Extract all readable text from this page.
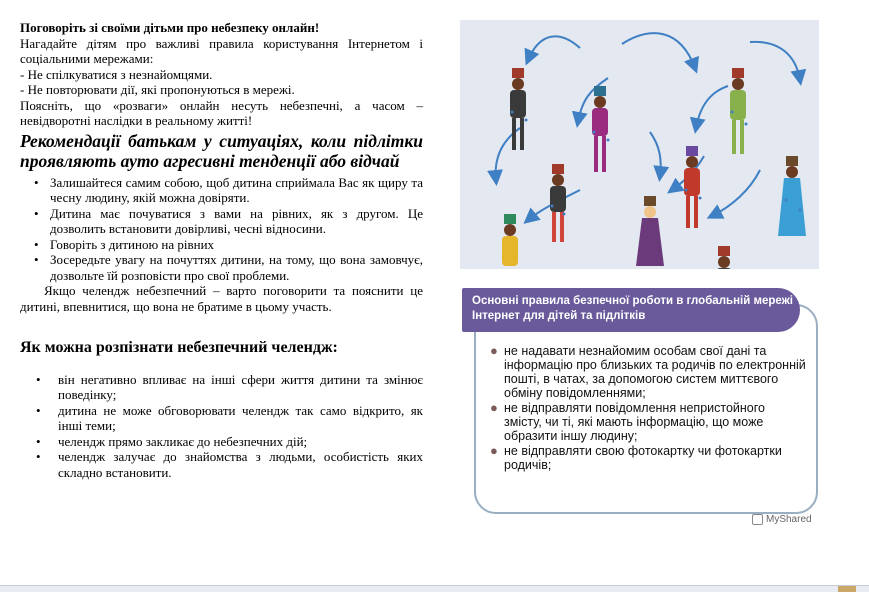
Поговоріть зі своїми дітьми про небезпеку онлайн!

Нагадайте дітям про важливі правила користування Інтернетом і соціальними мережами:

- Не спілкуватися з незнайомцями.

- Не повторювати дії, які пропонуються в мережі.

Поясніть, що «розваги» онлайн несуть небезпечні, а часом – невідворотні наслідки в реальному житті!

Рекомендації батькам у ситуаціях, коли підлітки проявляють ауто агресивні тенденції або відчай

• Залишайтеся самим собою, щоб дитина сприймала Вас як щиру та чесну людину, якій можна довіряти.
• Дитина має почуватися з вами на рівних, як з другом. Це дозволить встановити довірливі, чесні відносини.
• Говоріть з дитиною на рівних
• Зосередьте увагу на почуттях дитини, на тому, що вона замовчує, дозвольте їй розповісти про свої проблеми.

Якщо челендж небезпечний – варто поговорити та пояснити це дитині, впевнитися, що вона не братиме в цьому участь.

Як можна розпізнати небезпечний челендж:

• він негативно впливає на інші сфери життя дитини та змінює поведінку;
• дитина не може обговорювати челендж так само відкрито, як інші теми;
• челендж прямо закликає до небезпечних дій;
• челендж залучає до знайомства з людьми, особистість яких складно встановити.
Основні правила безпечної роботи в глобальній мережі Інтернет для дітей та підлітків
● не надавати незнайомим особам свої дані та інформацію про близьких та родичів по електронній пошті, в чатах, за допомогою систем миттєвого обміну повідомленнями;
● не відправляти повідомлення непристойного змісту, чи ті, які мають інформацію, що може образити іншу людину;
● не відправляти свою фотокартку чи фотокартки родичів;
MyShared
